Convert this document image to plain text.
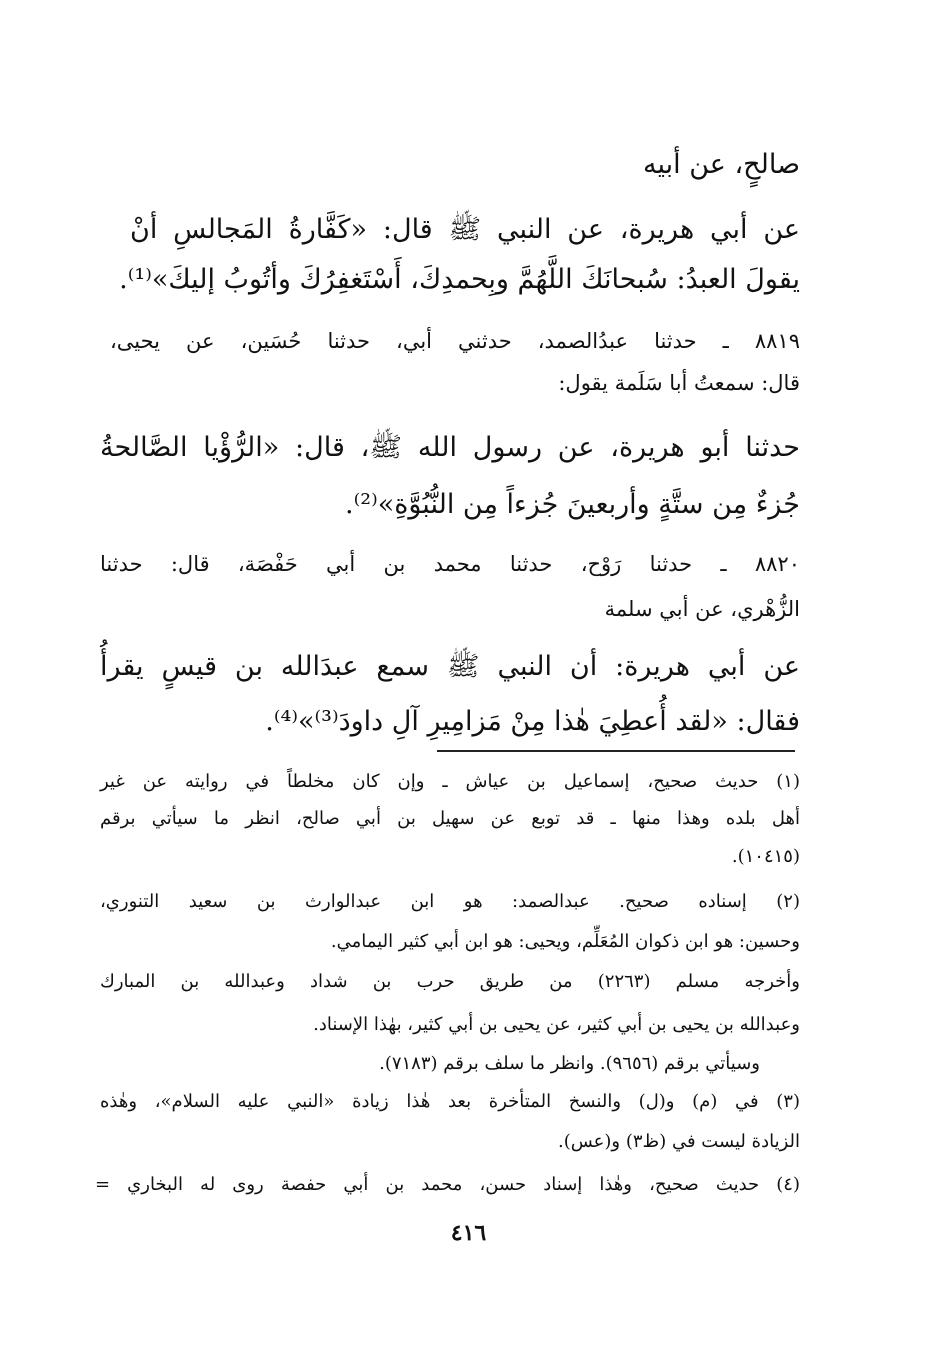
صالحٍ، عن أبيه
عن أبي هريرة، عن النبي ﷺ قال: «كَفَّارةُ المَجالسِ أنْ
يقولَ العبدُ: سُبحانَكَ اللَّهُمَّ وبِحمدِكَ، أَسْتَغفِرُكَ وأتُوبُ إليكَ»⁽¹⁾.
٨٨١٩ ـ حدثنا عبدُالصمد، حدثني أبي، حدثنا حُسَين، عن يحيى،
قال: سمعتُ أبا سَلَمة يقول:
حدثنا أبو هريرة، عن رسول الله ﷺ، قال: «الرُّؤْيا الصَّالحةُ
جُزءٌ مِن ستَّةٍ وأربعينَ جُزءاً مِن النُّبُوَّةِ»⁽²⁾.
٨٨٢٠ ـ حدثنا رَوْح، حدثنا محمد بن أبي حَفْصَة، قال: حدثنا
الزُّهْري، عن أبي سلمة
عن أبي هريرة: أن النبي ﷺ سمع عبدَالله بن قيسٍ يقرأُ
فقال: «لقد أُعطِيَ هٰذا مِنْ مَزامِيرِ آلِ داودَ⁽³⁾»⁽⁴⁾.
(١) حديث صحيح، إسماعيل بن عياش ـ وإن كان مخلطاً في روايته عن غير
أهل بلده وهذا منها ـ قد توبع عن سهيل بن أبي صالح، انظر ما سيأتي برقم
(١٠٤١٥).
(٢) إسناده صحيح. عبدالصمد: هو ابن عبدالوارث بن سعيد التنوري،
وحسين: هو ابن ذكوان المُعَلِّم، ويحيى: هو ابن أبي كثير اليمامي.
وأخرجه مسلم (٢٢٦٣) من طريق حرب بن شداد وعبدالله بن المبارك
وعبدالله بن يحيى بن أبي كثير، عن يحيى بن أبي كثير، بهٰذا الإسناد.
وسيأتي برقم (٩٦٥٦). وانظر ما سلف برقم (٧١٨٣).
(٣) في (م) و(ل) والنسخ المتأخرة بعد هٰذا زيادة «النبي عليه السلام»، وهٰذه
الزيادة ليست في (ظ٣) و(عس).
(٤) حديث صحيح، وهٰذا إسناد حسن، محمد بن أبي حفصة روى له البخاري =
٤١٦
